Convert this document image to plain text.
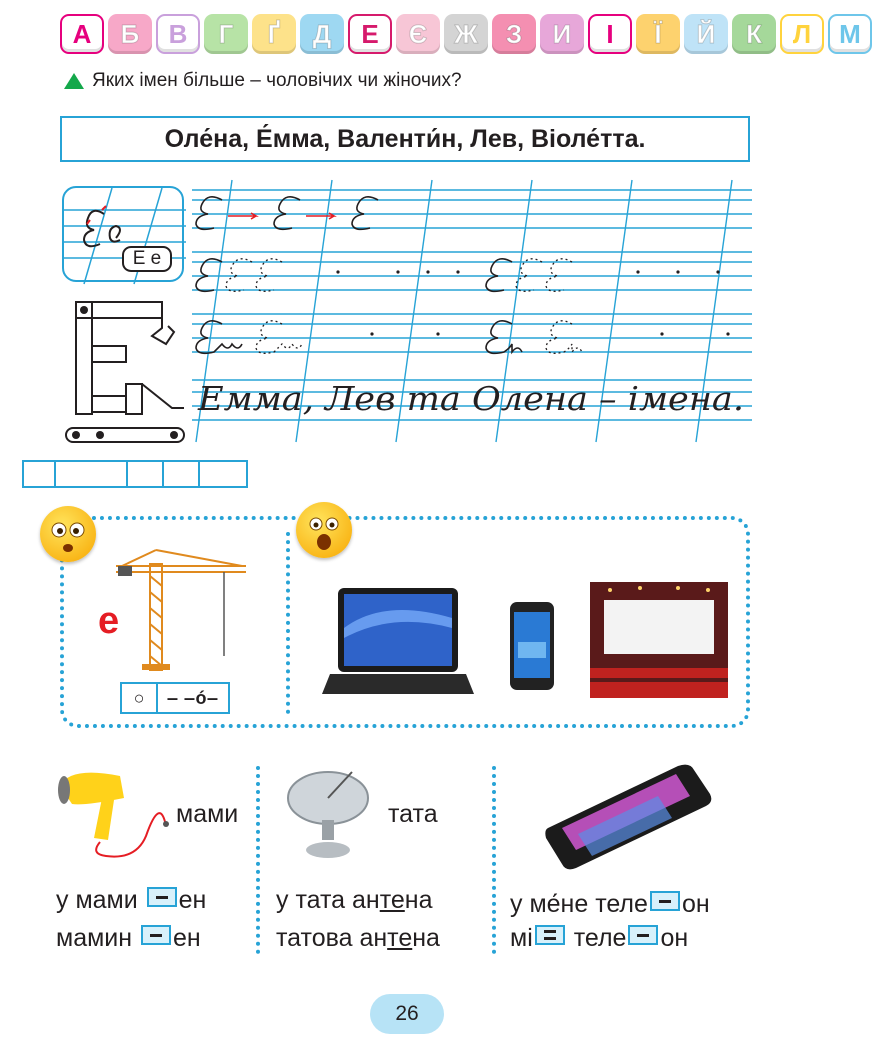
А	Б	В	Г	Ґ	Д	Е	Є	Ж	З	И	І	Ї	Й	К	Л	М
Яких імен більше – чоловічих чи жіночих?
Оле́на, Е́мма, Валенти́н, Лев, Віоле́тта.
Е е
Емма, Лев та Олена – імена.
е
○	‒ ‒ó‒
мами
у мами ен
мамин ен
тата
у тата антена
татова антена
у ме́не теле он
мі теле он
26
